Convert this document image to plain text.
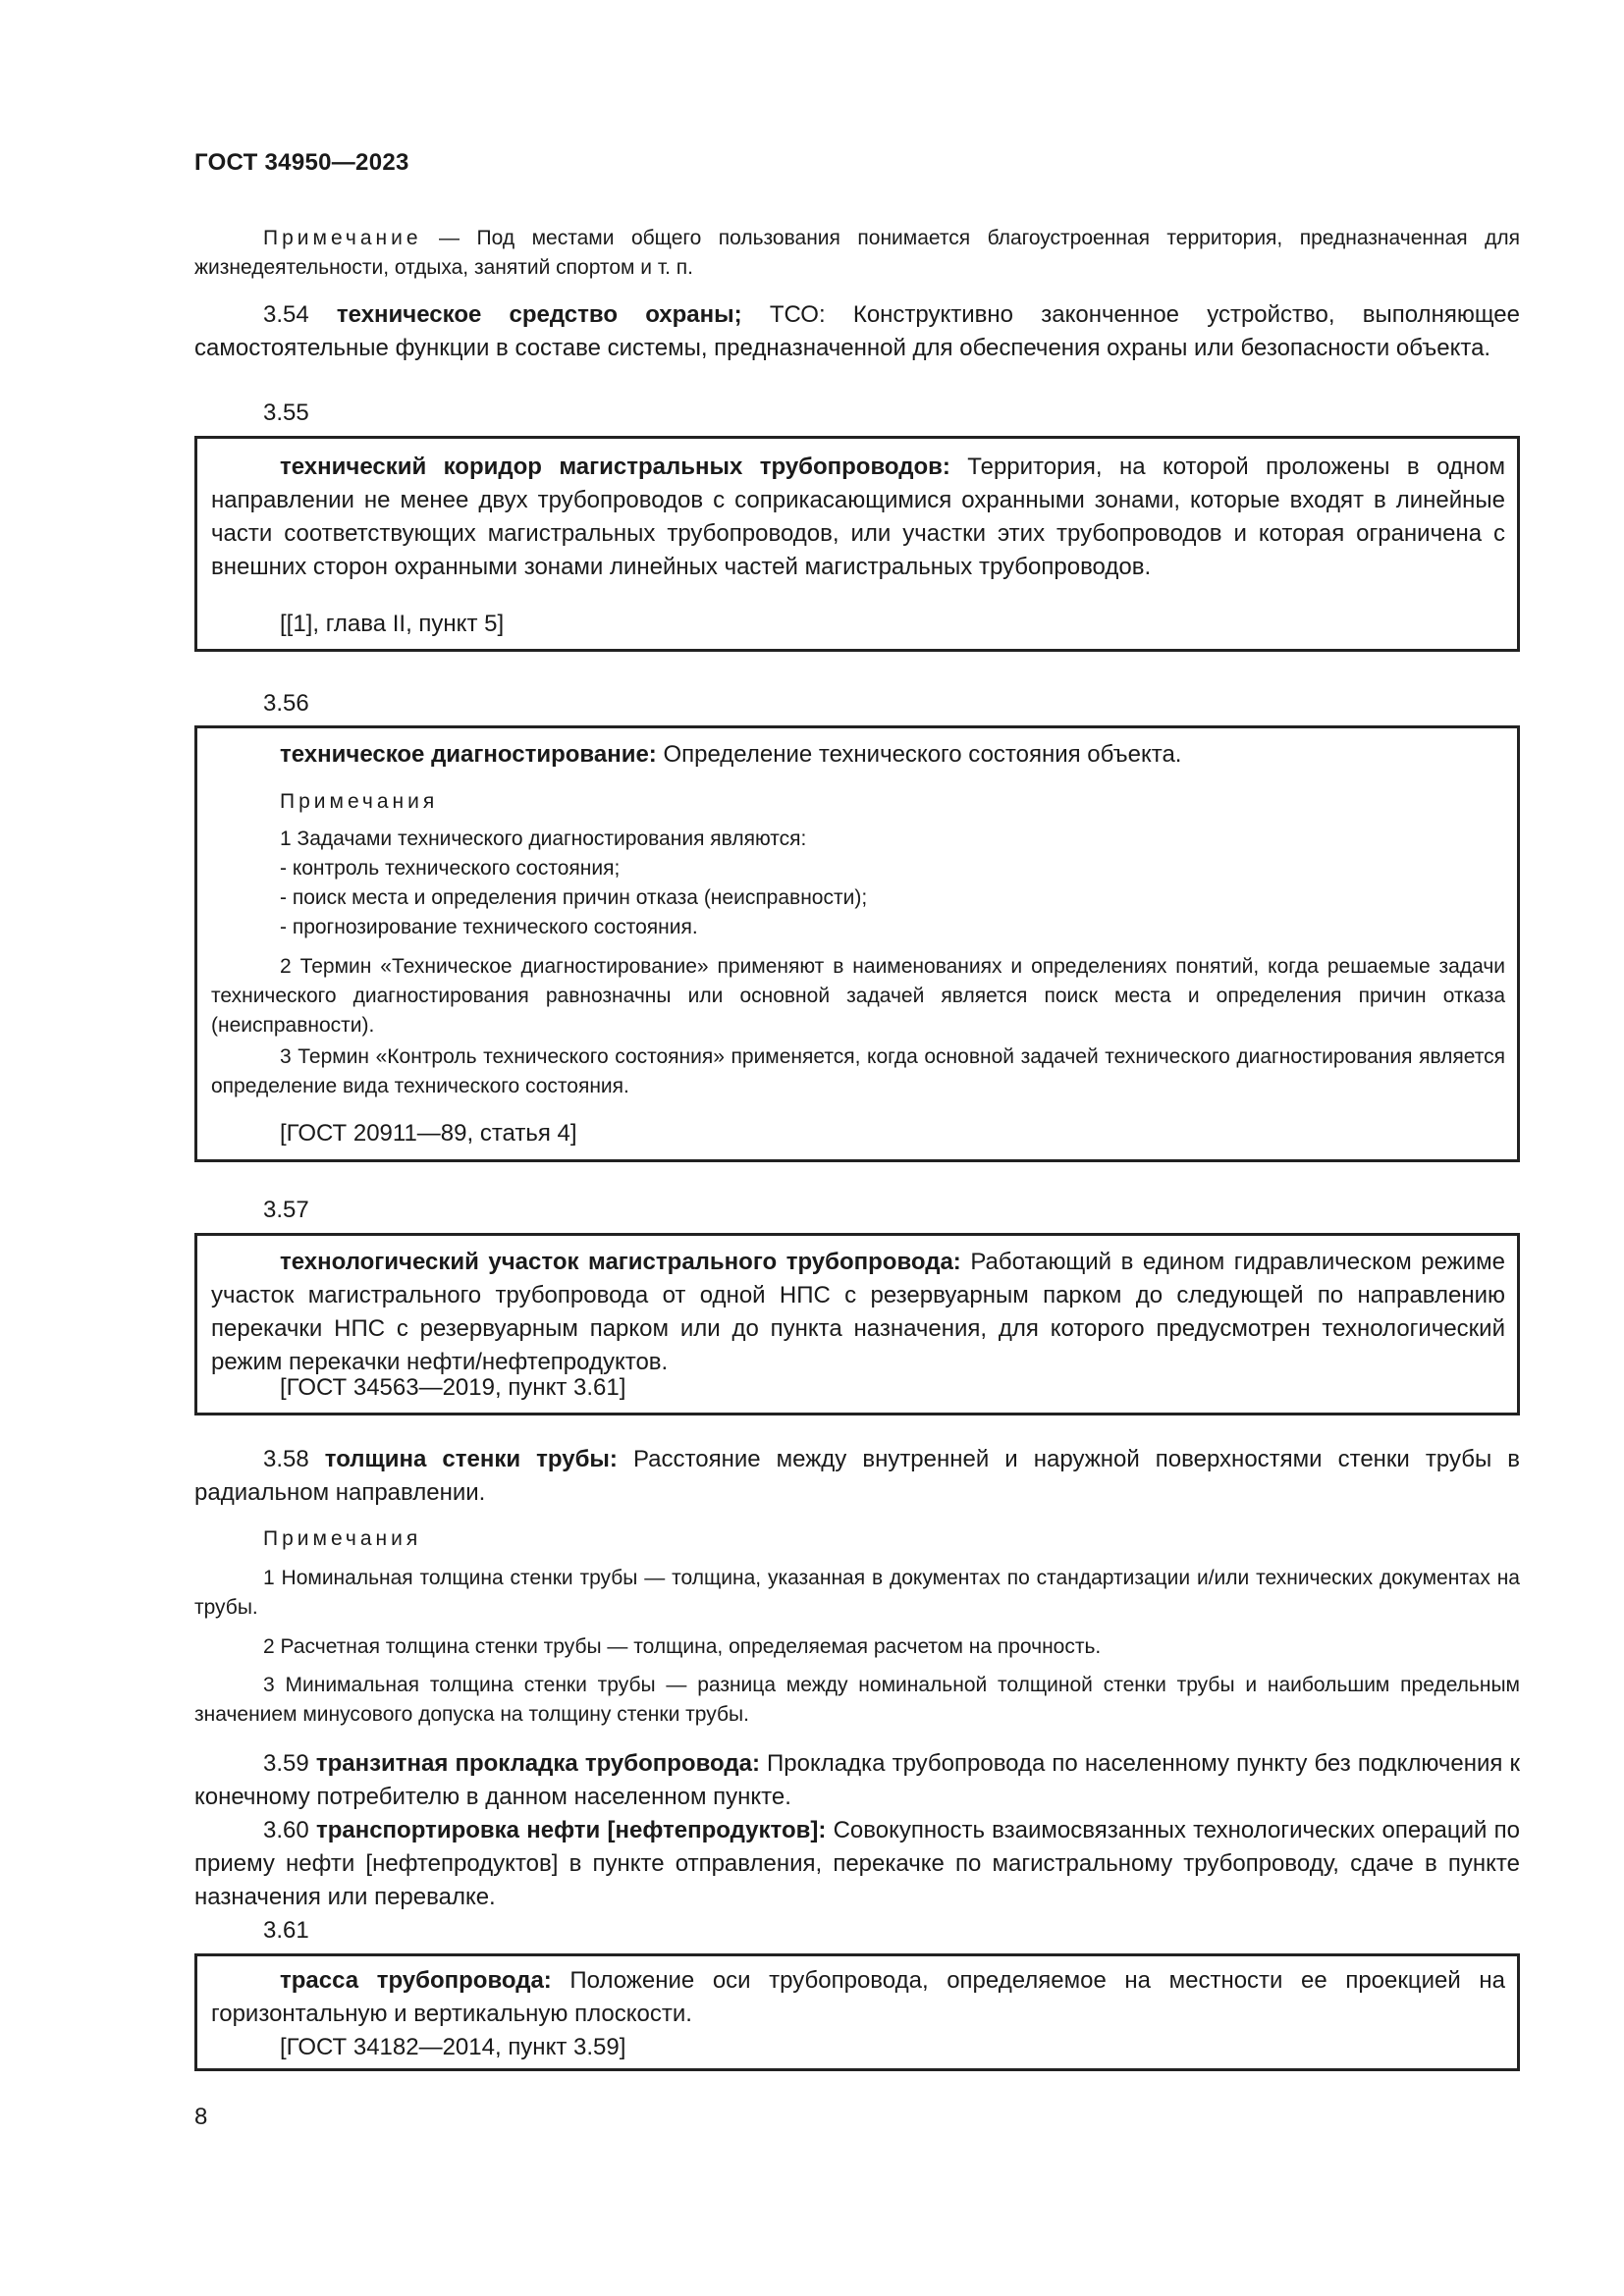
ГОСТ 34950—2023
Примечание — Под местами общего пользования понимается благоустроенная территория, предназначенная для жизнедеятельности, отдыха, занятий спортом и т. п.
3.54 техническое средство охраны; ТСО: Конструктивно законченное устройство, выполняющее самостоятельные функции в составе системы, предназначенной для обеспечения охраны или безопасности объекта.
3.55
технический коридор магистральных трубопроводов: Территория, на которой проложены в одном направлении не менее двух трубопроводов с соприкасающимися охранными зонами, которые входят в линейные части соответствующих магистральных трубопроводов, или участки этих трубопроводов и которая ограничена с внешних сторон охранными зонами линейных частей магистральных трубопроводов.
[[1], глава II, пункт 5]
3.56
техническое диагностирование: Определение технического состояния объекта.
Примечания
1 Задачами технического диагностирования являются:
- контроль технического состояния;
- поиск места и определения причин отказа (неисправности);
- прогнозирование технического состояния.
2 Термин «Техническое диагностирование» применяют в наименованиях и определениях понятий, когда решаемые задачи технического диагностирования равнозначны или основной задачей является поиск места и определения причин отказа (неисправности).
3 Термин «Контроль технического состояния» применяется, когда основной задачей технического диагностирования является определение вида технического состояния.
[ГОСТ 20911—89, статья 4]
3.57
технологический участок магистрального трубопровода: Работающий в едином гидравлическом режиме участок магистрального трубопровода от одной НПС с резервуарным парком до следующей по направлению перекачки НПС с резервуарным парком или до пункта назначения, для которого предусмотрен технологический режим перекачки нефти/нефтепродуктов.
[ГОСТ 34563—2019, пункт 3.61]
3.58 толщина стенки трубы: Расстояние между внутренней и наружной поверхностями стенки трубы в радиальном направлении.
Примечания
1 Номинальная толщина стенки трубы — толщина, указанная в документах по стандартизации и/или технических документах на трубы.
2 Расчетная толщина стенки трубы — толщина, определяемая расчетом на прочность.
3 Минимальная толщина стенки трубы — разница между номинальной толщиной стенки трубы и наибольшим предельным значением минусового допуска на толщину стенки трубы.
3.59 транзитная прокладка трубопровода: Прокладка трубопровода по населенному пункту без подключения к конечному потребителю в данном населенном пункте.
3.60 транспортировка нефти [нефтепродуктов]: Совокупность взаимосвязанных технологических операций по приему нефти [нефтепродуктов] в пункте отправления, перекачке по магистральному трубопроводу, сдаче в пункте назначения или перевалке.
3.61
трасса трубопровода: Положение оси трубопровода, определяемое на местности ее проекцией на горизонтальную и вертикальную плоскости.
[ГОСТ 34182—2014, пункт 3.59]
8
